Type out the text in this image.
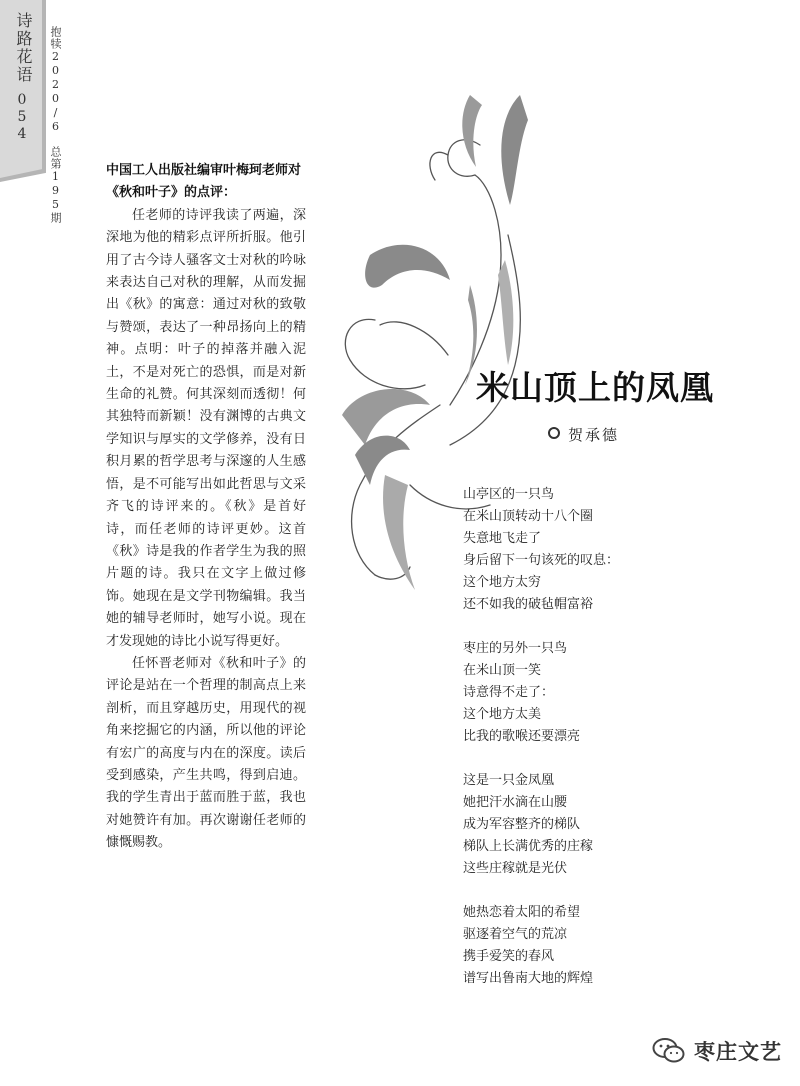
诗路花语
054 抱犊2020/6总第195期	中国工人出版社编审叶梅珂老师对《秋和叶子》的点评：

任老师的诗评我读了两遍，深深地为他的精彩点评所折服。他引用了古今诗人骚客文士对秋的吟咏来表达自己对秋的理解，从而发掘出《秋》的寓意：通过对秋的致敬与赞颂，表达了一种昂扬向上的精神。点明：叶子的掉落并融入泥土，不是对死亡的恐惧，而是对新生命的礼赞。何其深刻而透彻！何其独特而新颖！没有渊博的古典文学知识与厚实的文学修养，没有日积月累的哲学思考与深邃的人生感悟，是不可能写出如此哲思与文采齐飞的诗评来的。《秋》是首好诗，而任老师的诗评更妙。这首《秋》诗是我的作者学生为我的照片题的诗。我只在文字上做过修饰。她现在是文学刊物编辑。我当她的辅导老师时，她写小说。现在才发现她的诗比小说写得更好。

任怀晋老师对《秋和叶子》的评论是站在一个哲理的制高点上来剖析，而且穿越历史，用现代的视角来挖掘它的内涵，所以他的评论有宏广的高度与内在的深度。读后受到感染，产生共鸣，得到启迪。我的学生青出于蓝而胜于蓝，我也对她赞许有加。再次谢谢任老师的慷慨赐教。

米山顶上的凤凰
贺承德
山亭区的一只鸟
在米山顶转动十八个圈
失意地飞走了
身后留下一句该死的叹息：
这个地方太穷
还不如我的破毡帽富裕
枣庄的另外一只鸟
在米山顶一笑
诗意得不走了：
这个地方太美
比我的歌喉还要漂亮
这是一只金凤凰
她把汗水滴在山腰
成为军容整齐的梯队
梯队上长满优秀的庄稼
这些庄稼就是光伏
她热恋着太阳的希望
驱逐着空气的荒凉
携手爱笑的春风
谱写出鲁南大地的辉煌
枣庄文艺
